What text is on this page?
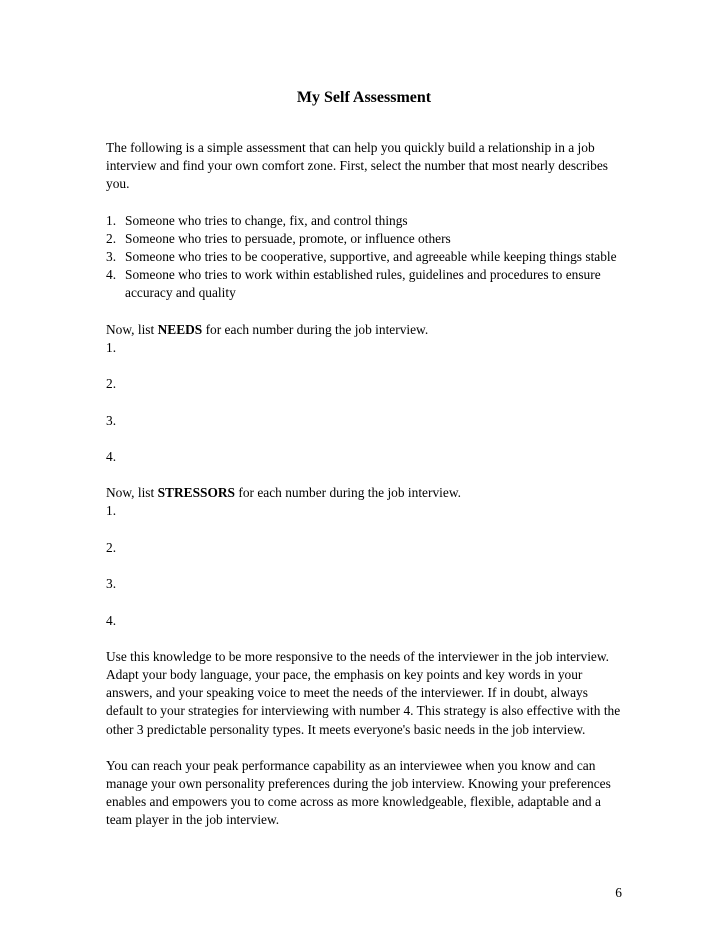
My Self Assessment

The following is a simple assessment that can help you quickly build a relationship in a job interview and find your own comfort zone. First, select the number that most nearly describes you.

1. Someone who tries to change, fix, and control things
2. Someone who tries to persuade, promote, or influence others
3. Someone who tries to be cooperative, supportive, and agreeable while keeping things stable
4. Someone who tries to work within established rules, guidelines and procedures to ensure accuracy and quality

Now, list NEEDS for each number during the job interview.

1.

2.

3.

4.

Now, list STRESSORS for each number during the job interview.

1.

2.

3.

4.

Use this knowledge to be more responsive to the needs of the interviewer in the job interview. Adapt your body language, your pace, the emphasis on key points and key words in your answers, and your speaking voice to meet the needs of the interviewer. If in doubt, always default to your strategies for interviewing with number 4. This strategy is also effective with the other 3 predictable personality types. It meets everyone's basic needs in the job interview.

You can reach your peak performance capability as an interviewee when you know and can manage your own personality preferences during the job interview. Knowing your preferences enables and empowers you to come across as more knowledgeable, flexible, adaptable and a team player in the job interview.

6
